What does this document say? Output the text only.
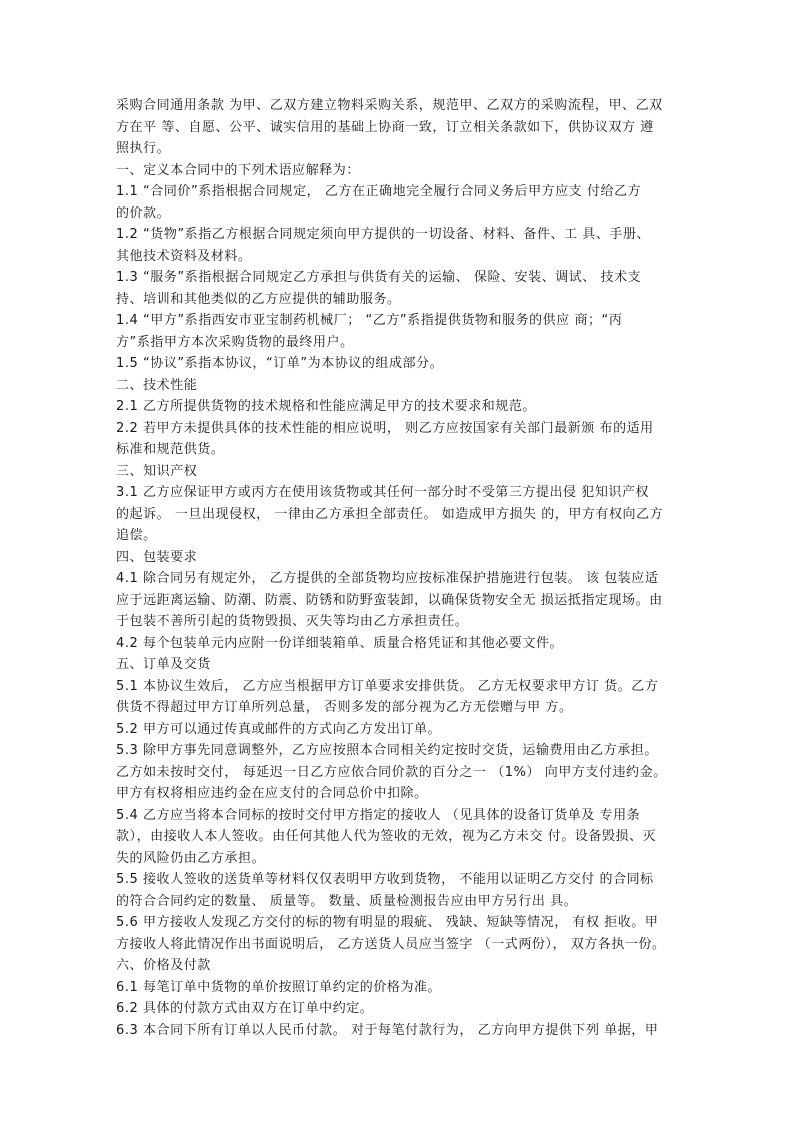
采购合同通用条款 为甲、乙双方建立物料采购关系，规范甲、乙双方的采购流程，甲、乙双

方在平 等、自愿、公平、诚实信用的基础上协商一致，订立相关条款如下，供协议双方 遵

照执行。

一、定义本合同中的下列术语应解释为：

1.1 “合同价”系指根据合同规定， 乙方在正确地完全履行合同义务后甲方应支 付给乙方

的价款。

1.2 “货物”系指乙方根据合同规定须向甲方提供的一切设备、材料、备件、工 具、手册、

其他技术资料及材料。

1.3 “服务”系指根据合同规定乙方承担与供货有关的运输、 保险、安装、调试、 技术支

持、培训和其他类似的乙方应提供的辅助服务。

1.4 “甲方”系指西安市亚宝制药机械厂； “乙方”系指提供货物和服务的供应 商；“丙

方”系指甲方本次采购货物的最终用户。

1.5 “协议”系指本协议，“订单”为本协议的组成部分。

二、技术性能

2.1 乙方所提供货物的技术规格和性能应满足甲方的技术要求和规范。

2.2 若甲方未提供具体的技术性能的相应说明， 则乙方应按国家有关部门最新颁 布的适用

标准和规范供货。

三、知识产权

3.1 乙方应保证甲方或丙方在使用该货物或其任何一部分时不受第三方提出侵 犯知识产权

的起诉。 一旦出现侵权， 一律由乙方承担全部责任。 如造成甲方损失 的，甲方有权向乙方

追偿。

四、包装要求

4.1 除合同另有规定外， 乙方提供的全部货物均应按标准保护措施进行包装。 该 包装应适

应于远距离运输、防潮、防震、防锈和防野蛮装卸，以确保货物安全无 损运抵指定现场。由

于包装不善所引起的货物毁损、灭失等均由乙方承担责任。

4.2 每个包装单元内应附一份详细装箱单、质量合格凭证和其他必要文件。

五、订单及交货

5.1 本协议生效后， 乙方应当根据甲方订单要求安排供货。 乙方无权要求甲方订 货。乙方

供货不得超过甲方订单所列总量， 否则多发的部分视为乙方无偿赠与甲 方。

5.2 甲方可以通过传真或邮件的方式向乙方发出订单。

5.3 除甲方事先同意调整外，乙方应按照本合同相关约定按时交货，运输费用由乙方承担。

乙方如未按时交付， 每延迟一日乙方应依合同价款的百分之一 （1%） 向甲方支付违约金。

甲方有权将相应违约金在应支付的合同总价中扣除。

5.4 乙方应当将本合同标的按时交付甲方指定的接收人 （见具体的设备订货单及 专用条

款），由接收人本人签收。由任何其他人代为签收的无效，视为乙方未交 付。设备毁损、灭

失的风险仍由乙方承担。

5.5 接收人签收的送货单等材料仅仅表明甲方收到货物， 不能用以证明乙方交付 的合同标

的符合合同约定的数量、 质量等。 数量、质量检测报告应由甲方另行出 具。

5.6 甲方接收人发现乙方交付的标的物有明显的瑕疵、 残缺、短缺等情况， 有权 拒收。甲

方接收人将此情况作出书面说明后， 乙方送货人员应当签字 （一式两份）， 双方各执一份。

六、价格及付款

6.1 每笔订单中货物的单价按照订单约定的价格为准。

6.2 具体的付款方式由双方在订单中约定。

6.3 本合同下所有订单以人民币付款。 对于每笔付款行为， 乙方向甲方提供下列 单据，甲
